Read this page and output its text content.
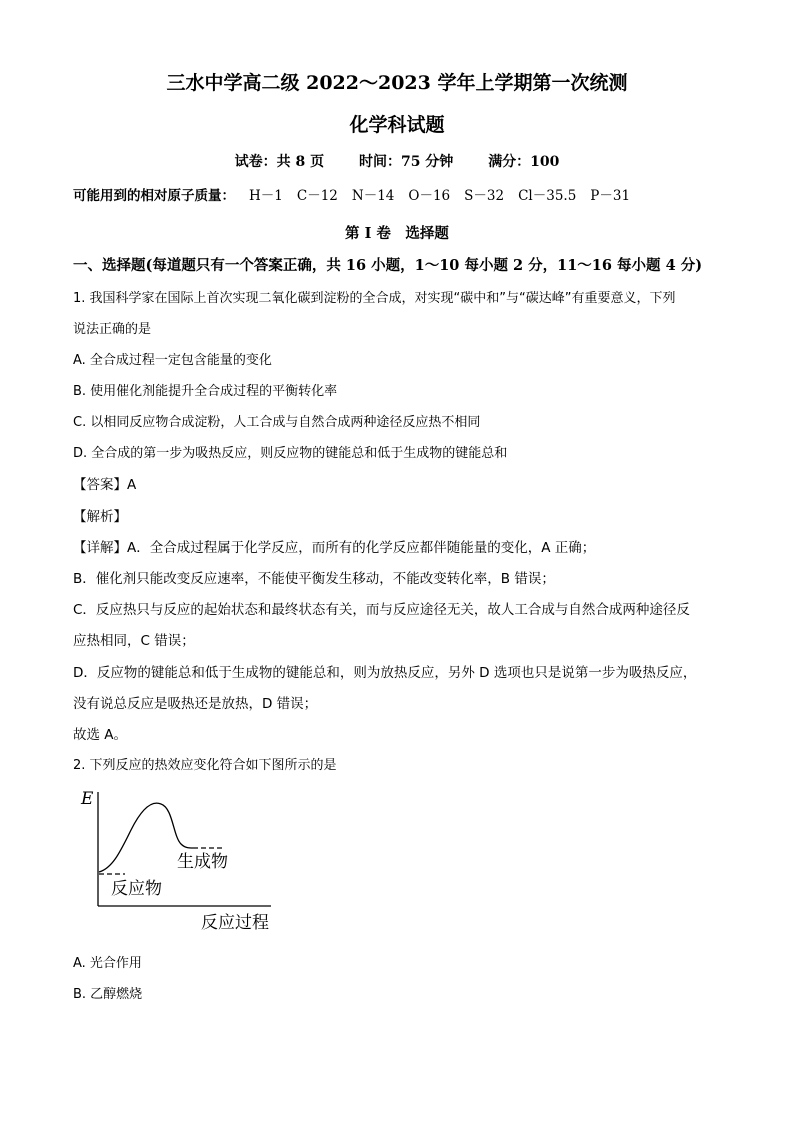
三水中学高二级 2022～2023 学年上学期第一次统测
化学科试题
试卷：共 8 页 时间：75 分钟 满分：100
可能用到的相对原子质量： H－1 C－12 N－14 O－16 S－32 Cl－35.5 P－31
第 I 卷　选择题
一、选择题(每道题只有一个答案正确，共 16 小题，1～10 每小题 2 分，11～16 每小题 4 分)
1. 我国科学家在国际上首次实现二氧化碳到淀粉的全合成，对实现“碳中和”与“碳达峰”有重要意义，下列
说法正确的是
A. 全合成过程一定包含能量的变化
B. 使用催化剂能提升全合成过程的平衡转化率
C. 以相同反应物合成淀粉，人工合成与自然合成两种途径反应热不相同
D. 全合成的第一步为吸热反应，则反应物的键能总和低于生成物的键能总和
【答案】A
【解析】
【详解】A．全合成过程属于化学反应，而所有的化学反应都伴随能量的变化，A 正确；
B．催化剂只能改变反应速率，不能使平衡发生移动，不能改变转化率，B 错误；
C．反应热只与反应的起始状态和最终状态有关，而与反应途径无关，故人工合成与自然合成两种途径反
应热相同，C 错误；
D．反应物的键能总和低于生成物的键能总和，则为放热反应，另外 D 选项也只是说第一步为吸热反应，
没有说总反应是吸热还是放热，D 错误；
故选 A。
2. 下列反应的热效应变化符合如下图所示的是
E
生成物
反应物
反应过程
A. 光合作用
B. 乙醇燃烧
